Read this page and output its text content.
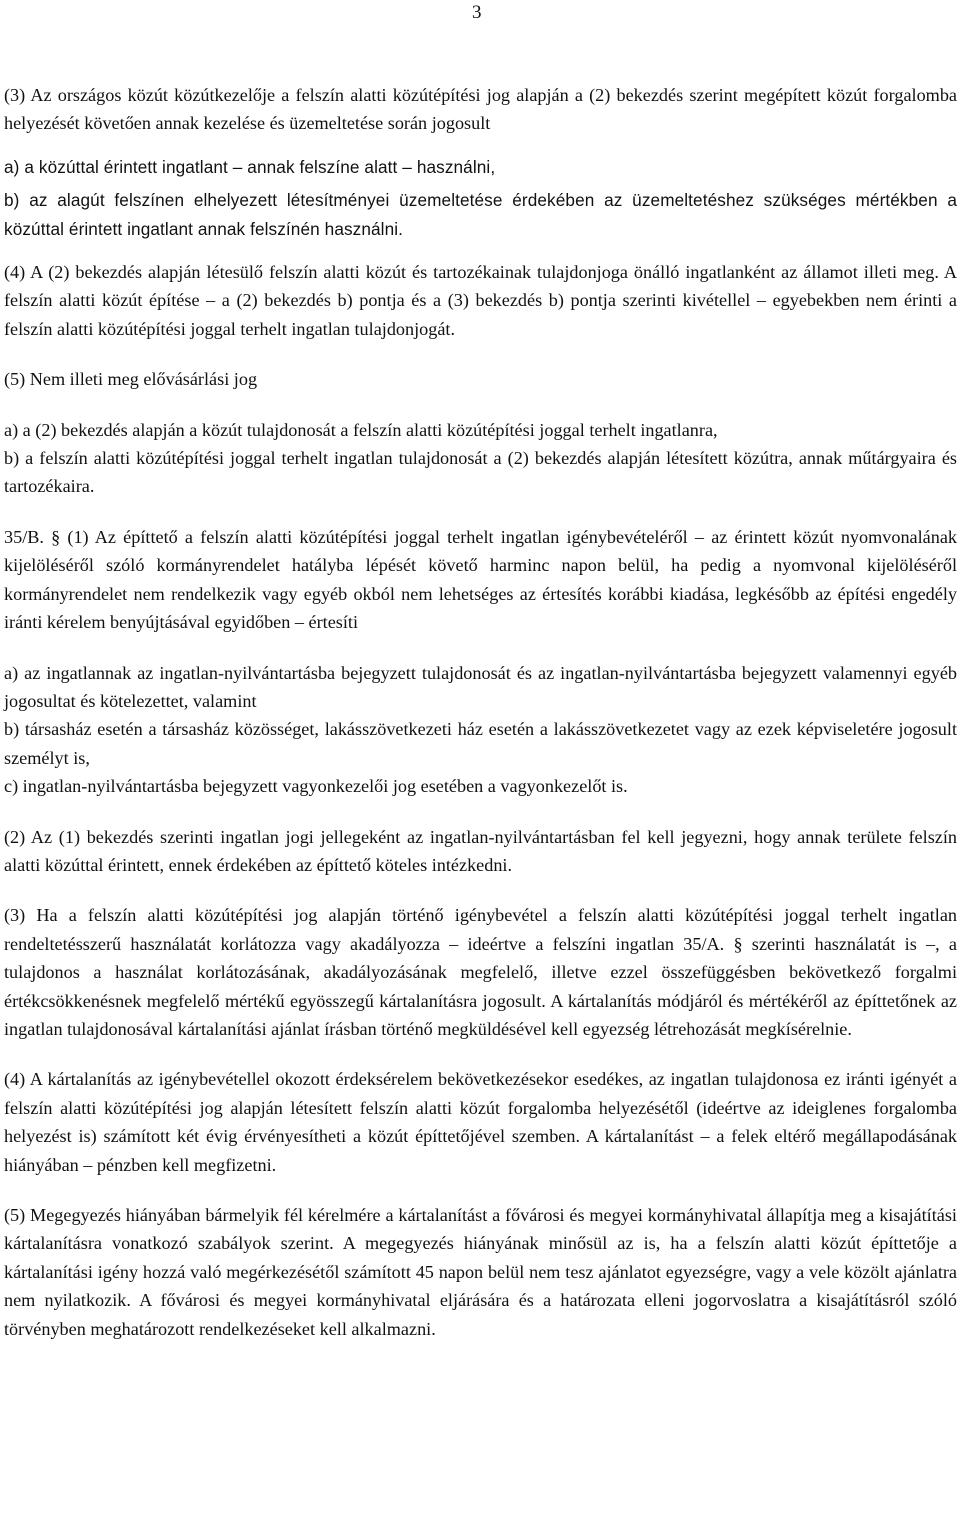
3

(3) Az országos közút közútkezelője a felszín alatti közútépítési jog alapján a (2) bekezdés szerint megépített közút forgalomba helyezését követően annak kezelése és üzemeltetése során jogosult

a) a közúttal érintett ingatlant – annak felszíne alatt – használni,

b) az alagút felszínen elhelyezett létesítményei üzemeltetése érdekében az üzemeltetéshez szükséges mértékben a közúttal érintett ingatlant annak felszínén használni.

(4) A (2) bekezdés alapján létesülő felszín alatti közút és tartozékainak tulajdonjoga önálló ingatlanként az államot illeti meg. A felszín alatti közút építése – a (2) bekezdés b) pontja és a (3) bekezdés b) pontja szerinti kivétellel – egyebekben nem érinti a felszín alatti közútépítési joggal terhelt ingatlan tulajdonjogát.

(5) Nem illeti meg elővásárlási jog

a) a (2) bekezdés alapján a közút tulajdonosát a felszín alatti közútépítési joggal terhelt ingatlanra,

b) a felszín alatti közútépítési joggal terhelt ingatlan tulajdonosát a (2) bekezdés alapján létesített közútra, annak műtárgyaira és tartozékaira.

35/B. § (1) Az építtető a felszín alatti közútépítési joggal terhelt ingatlan igénybevételéről – az érintett közút nyomvonalának kijelöléséről szóló kormányrendelet hatályba lépését követő harminc napon belül, ha pedig a nyomvonal kijelöléséről kormányrendelet nem rendelkezik vagy egyéb okból nem lehetséges az értesítés korábbi kiadása, legkésőbb az építési engedély iránti kérelem benyújtásával egyidőben – értesíti

a) az ingatlannak az ingatlan-nyilvántartásba bejegyzett tulajdonosát és az ingatlan-nyilvántartásba bejegyzett valamennyi egyéb jogosultat és kötelezettet, valamint

b) társasház esetén a társasház közösséget, lakásszövetkezeti ház esetén a lakásszövetkezetet vagy az ezek képviseletére jogosult személyt is,

c) ingatlan-nyilvántartásba bejegyzett vagyonkezelői jog esetében a vagyonkezelőt is.

(2) Az (1) bekezdés szerinti ingatlan jogi jellegeként az ingatlan-nyilvántartásban fel kell jegyezni, hogy annak területe felszín alatti közúttal érintett, ennek érdekében az építtető köteles intézkedni.

(3) Ha a felszín alatti közútépítési jog alapján történő igénybevétel a felszín alatti közútépítési joggal terhelt ingatlan rendeltetésszerű használatát korlátozza vagy akadályozza – ideértve a felszíni ingatlan 35/A. § szerinti használatát is –, a tulajdonos a használat korlátozásának, akadályozásának megfelelő, illetve ezzel összefüggésben bekövetkező forgalmi értékcsökkenésnek megfelelő mértékű egyösszegű kártalanításra jogosult. A kártalanítás módjáról és mértékéről az építtetőnek az ingatlan tulajdonosával kártalanítási ajánlat írásban történő megküldésével kell egyezség létrehozását megkísérelnie.

(4) A kártalanítás az igénybevétellel okozott érdeksérelem bekövetkezésekor esedékes, az ingatlan tulajdonosa ez iránti igényét a felszín alatti közútépítési jog alapján létesített felszín alatti közút forgalomba helyezésétől (ideértve az ideiglenes forgalomba helyezést is) számított két évig érvényesítheti a közút építtetőjével szemben. A kártalanítást – a felek eltérő megállapodásának hiányában – pénzben kell megfizetni.

(5) Megegyezés hiányában bármelyik fél kérelmére a kártalanítást a fővárosi és megyei kormányhivatal állapítja meg a kisajátítási kártalanításra vonatkozó szabályok szerint. A megegyezés hiányának minősül az is, ha a felszín alatti közút építtetője a kártalanítási igény hozzá való megérkezésétől számított 45 napon belül nem tesz ajánlatot egyezségre, vagy a vele közölt ajánlatra nem nyilatkozik. A fővárosi és megyei kormányhivatal eljárására és a határozata elleni jogorvoslatra a kisajátításról szóló törvényben meghatározott rendelkezéseket kell alkalmazni.
